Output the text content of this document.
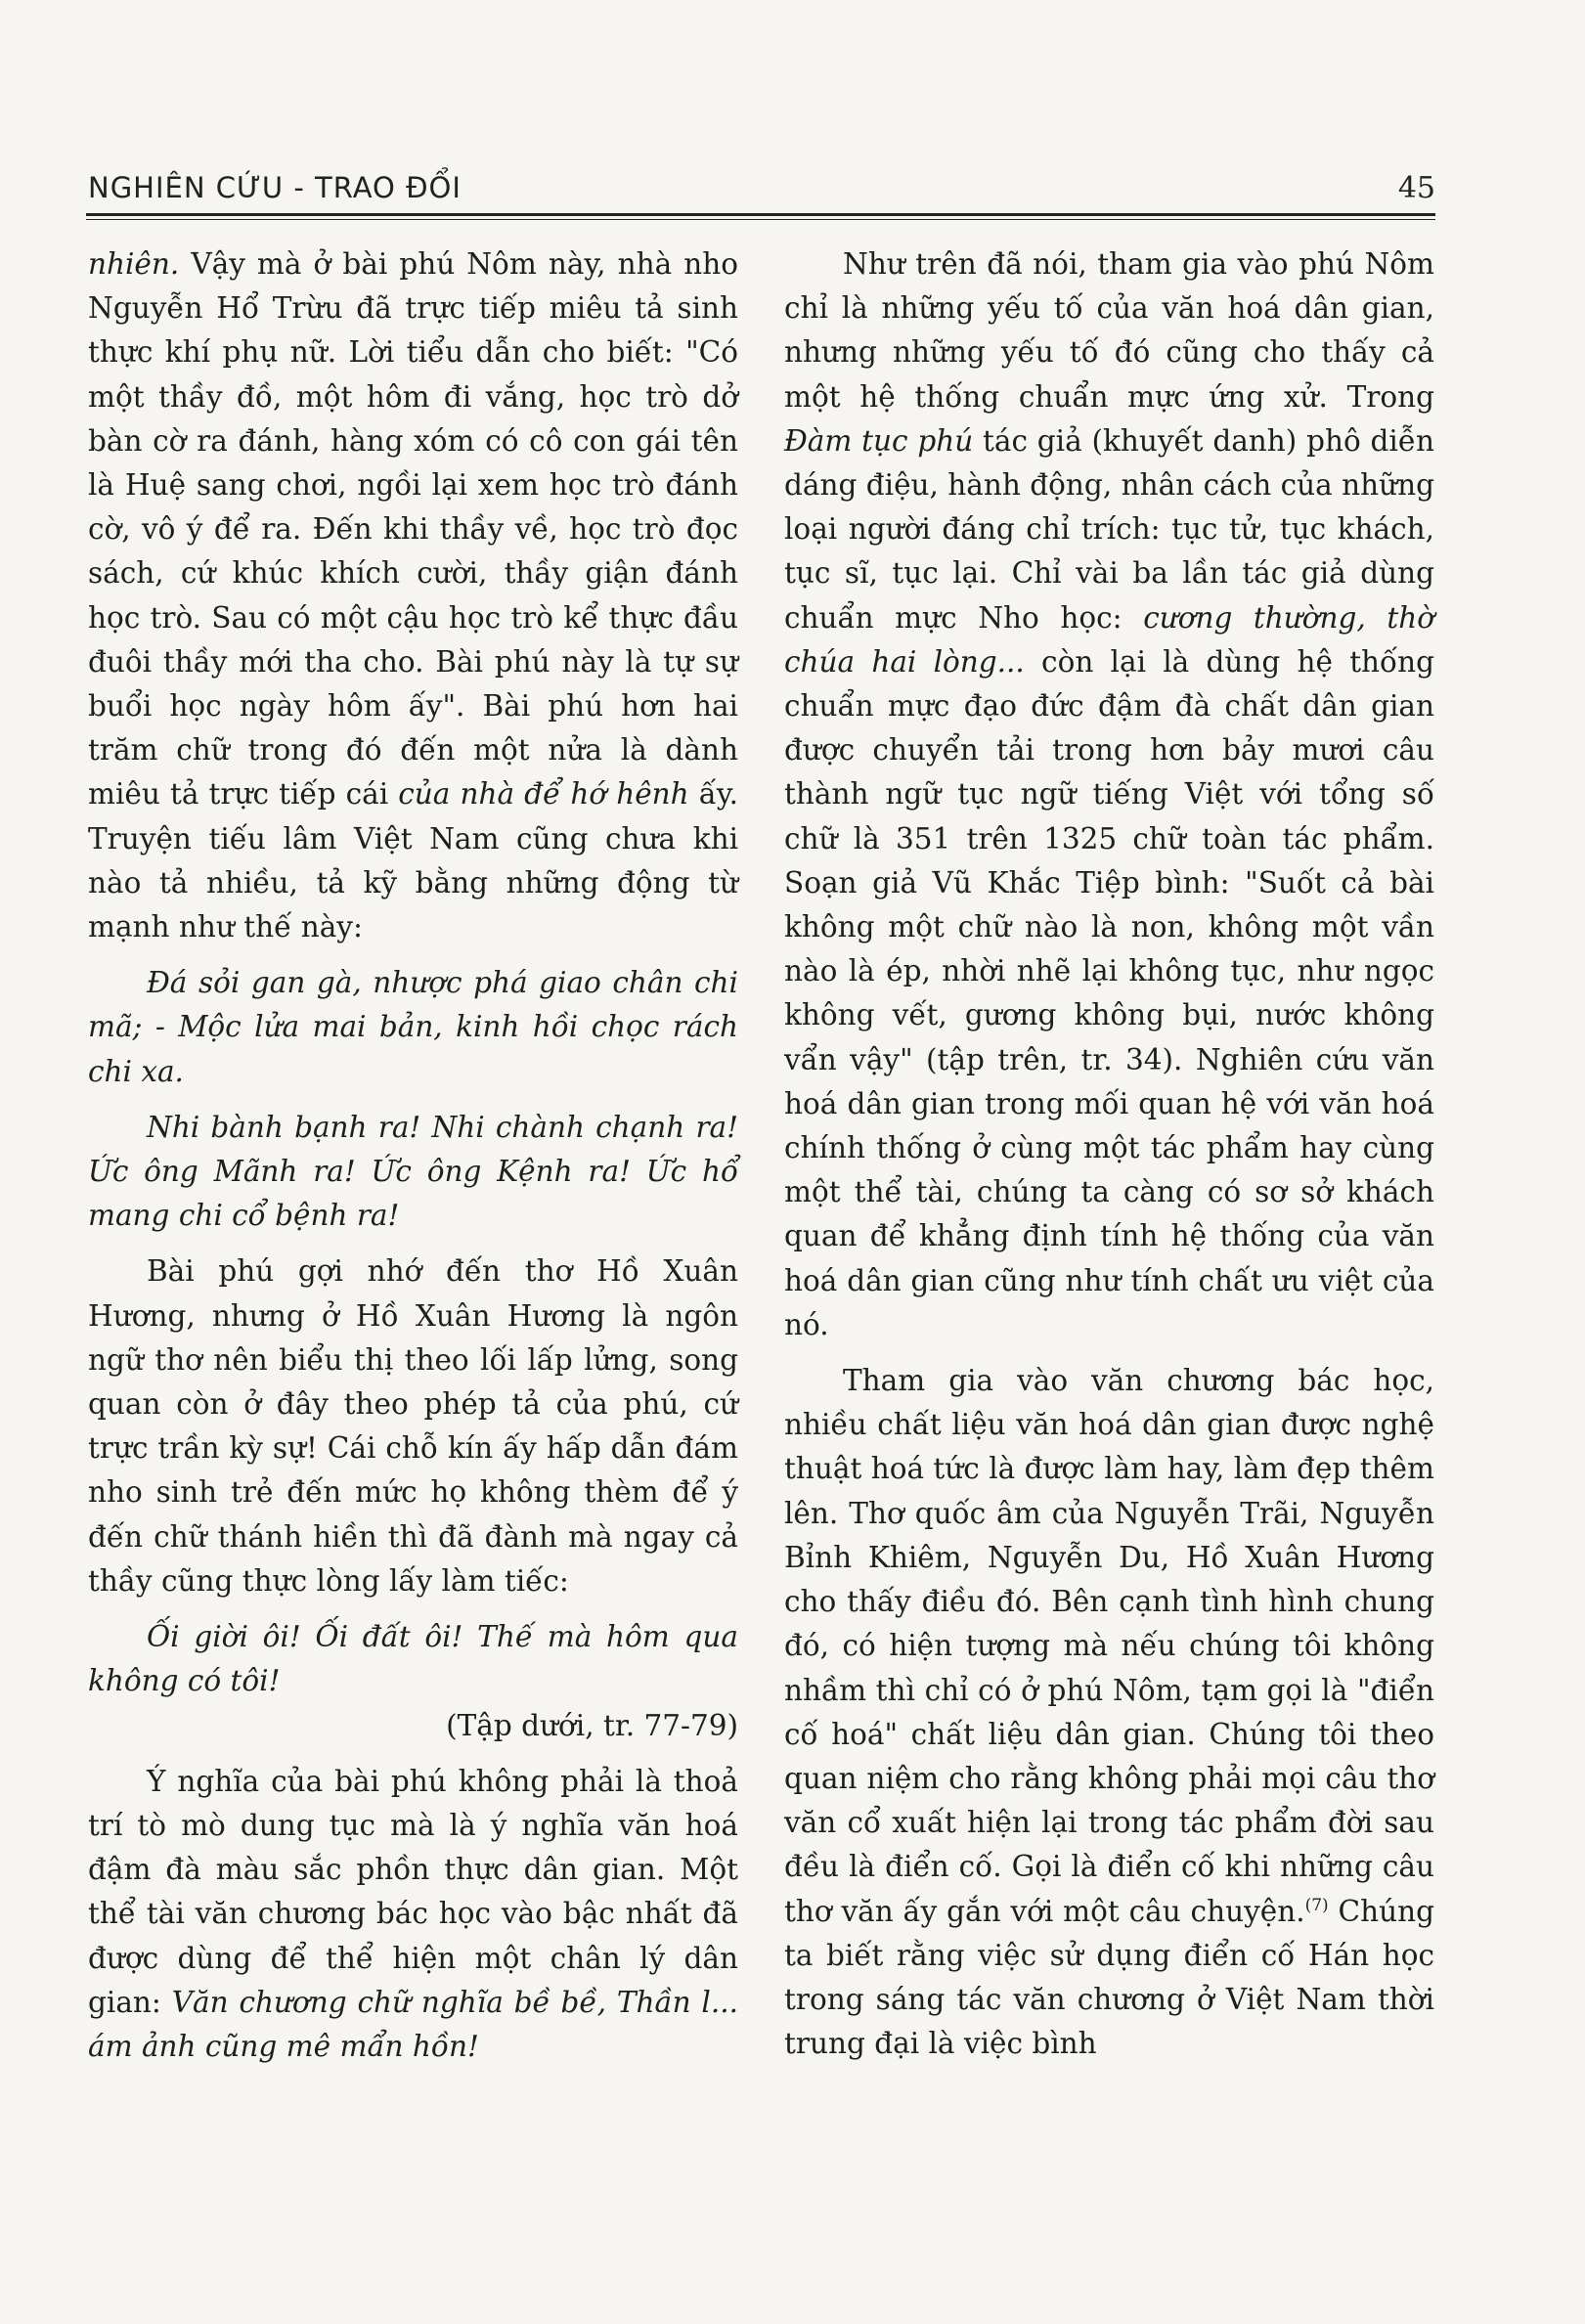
NGHIÊN CỨU - TRAO ĐỔI	45

nhiên. Vậy mà ở bài phú Nôm này, nhà nho Nguyễn Hổ Trừu đã trực tiếp miêu tả sinh thực khí phụ nữ. Lời tiểu dẫn cho biết: "Có một thầy đồ, một hôm đi vắng, học trò dở bàn cờ ra đánh, hàng xóm có cô con gái tên là Huệ sang chơi, ngồi lại xem học trò đánh cờ, vô ý để ra. Đến khi thầy về, học trò đọc sách, cứ khúc khích cười, thầy giận đánh học trò. Sau có một cậu học trò kể thực đầu đuôi thầy mới tha cho. Bài phú này là tự sự buổi học ngày hôm ấy". Bài phú hơn hai trăm chữ trong đó đến một nửa là dành miêu tả trực tiếp cái của nhà để hớ hênh ấy. Truyện tiếu lâm Việt Nam cũng chưa khi nào tả nhiều, tả kỹ bằng những động từ mạnh như thế này:

Đá sỏi gan gà, nhược phá giao chân chi mã; - Mộc lửa mai bản, kinh hồi chọc rách chi xa.

Nhi bành bạnh ra! Nhi chành chạnh ra! Ức ông Mãnh ra! Ức ông Kệnh ra! Ức hổ mang chi cổ bệnh ra!

Bài phú gợi nhớ đến thơ Hồ Xuân Hương, nhưng ở Hồ Xuân Hương là ngôn ngữ thơ nên biểu thị theo lối lấp lửng, song quan còn ở đây theo phép tả của phú, cứ trực trần kỳ sự! Cái chỗ kín ấy hấp dẫn đám nho sinh trẻ đến mức họ không thèm để ý đến chữ thánh hiền thì đã đành mà ngay cả thầy cũng thực lòng lấy làm tiếc:

Ối giời ôi! Ối đất ôi! Thế mà hôm qua không có tôi!

(Tập dưới, tr. 77-79)

Ý nghĩa của bài phú không phải là thoả trí tò mò dung tục mà là ý nghĩa văn hoá đậm đà màu sắc phồn thực dân gian. Một thể tài văn chương bác học vào bậc nhất đã được dùng để thể hiện một chân lý dân gian: Văn chương chữ nghĩa bề bề, Thần l... ám ảnh cũng mê mẩn hồn!

Như trên đã nói, tham gia vào phú Nôm chỉ là những yếu tố của văn hoá dân gian, nhưng những yếu tố đó cũng cho thấy cả một hệ thống chuẩn mực ứng xử. Trong Đàm tục phú tác giả (khuyết danh) phô diễn dáng điệu, hành động, nhân cách của những loại người đáng chỉ trích: tục tử, tục khách, tục sĩ, tục lại. Chỉ vài ba lần tác giả dùng chuẩn mực Nho học: cương thường, thờ chúa hai lòng... còn lại là dùng hệ thống chuẩn mực đạo đức đậm đà chất dân gian được chuyển tải trong hơn bảy mươi câu thành ngữ tục ngữ tiếng Việt với tổng số chữ là 351 trên 1325 chữ toàn tác phẩm. Soạn giả Vũ Khắc Tiệp bình: "Suốt cả bài không một chữ nào là non, không một vần nào là ép, nhời nhẽ lại không tục, như ngọc không vết, gương không bụi, nước không vẩn vậy" (tập trên, tr. 34). Nghiên cứu văn hoá dân gian trong mối quan hệ với văn hoá chính thống ở cùng một tác phẩm hay cùng một thể tài, chúng ta càng có sơ sở khách quan để khẳng định tính hệ thống của văn hoá dân gian cũng như tính chất ưu việt của nó.

Tham gia vào văn chương bác học, nhiều chất liệu văn hoá dân gian được nghệ thuật hoá tức là được làm hay, làm đẹp thêm lên. Thơ quốc âm của Nguyễn Trãi, Nguyễn Bỉnh Khiêm, Nguyễn Du, Hồ Xuân Hương cho thấy điều đó. Bên cạnh tình hình chung đó, có hiện tượng mà nếu chúng tôi không nhầm thì chỉ có ở phú Nôm, tạm gọi là "điển cố hoá" chất liệu dân gian. Chúng tôi theo quan niệm cho rằng không phải mọi câu thơ văn cổ xuất hiện lại trong tác phẩm đời sau đều là điển cố. Gọi là điển cố khi những câu thơ văn ấy gắn với một câu chuyện.$^{(7)}$ Chúng ta biết rằng việc sử dụng điển cố Hán học trong sáng tác văn chương ở Việt Nam thời trung đại là việc bình
